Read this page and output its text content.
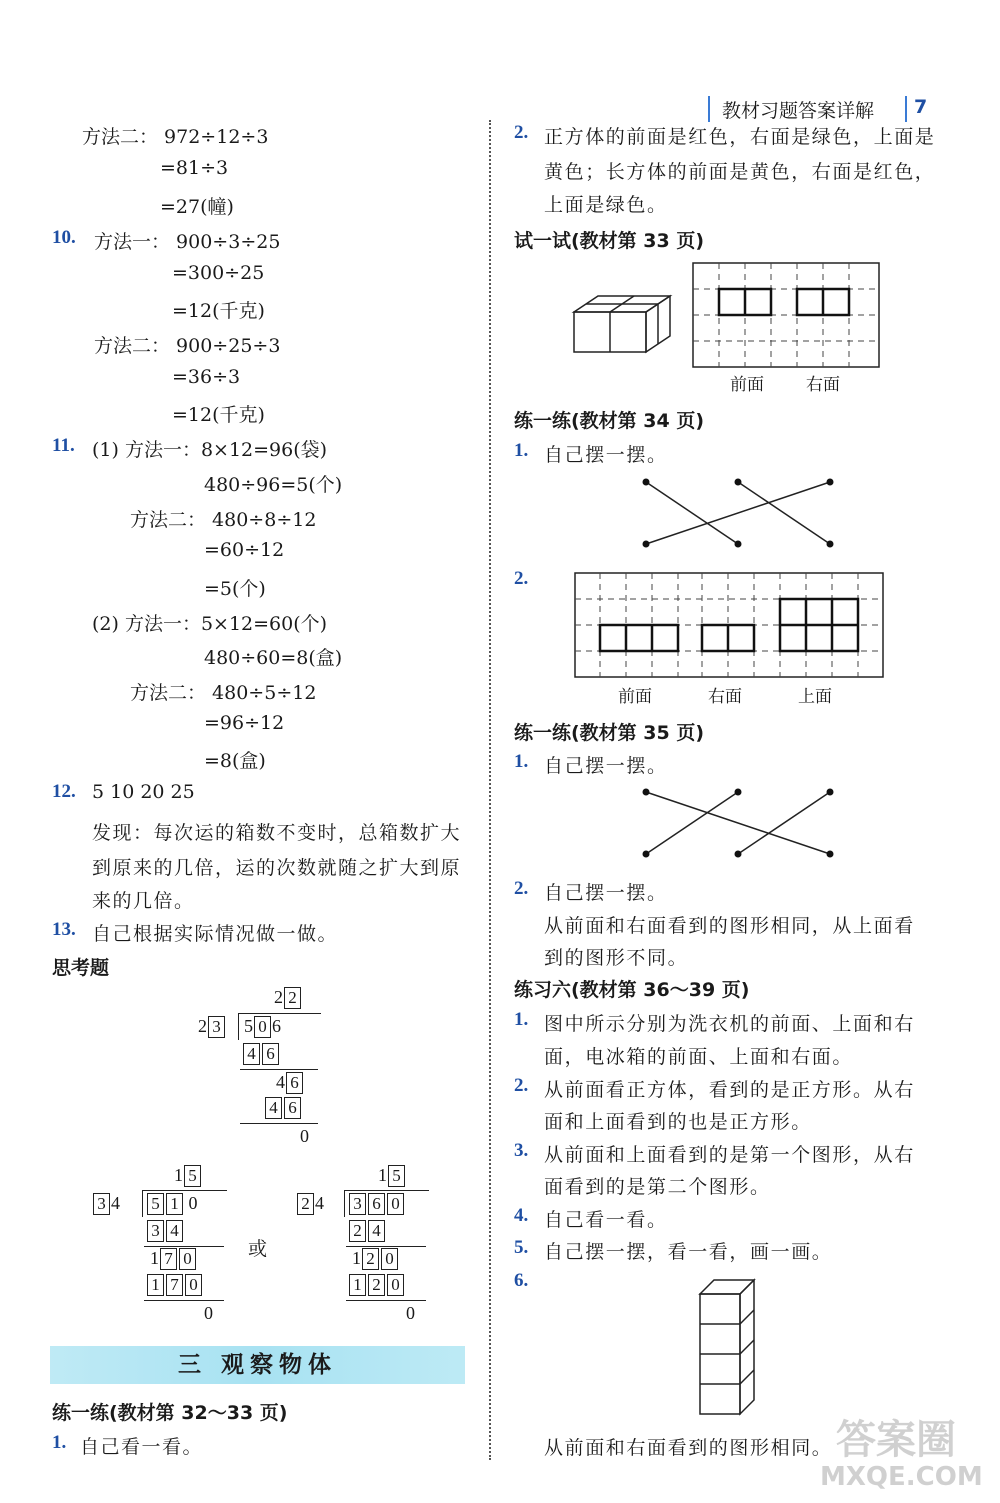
教材习题答案详解 7
方法二： 972÷12÷3
=81÷3
=27(幢)
10. 方法一： 900÷3÷25
=300÷25
=12(千克)
方法二： 900÷25÷3
=36÷3
=12(千克)
11. (1) 方法一：8×12=96(袋)
480÷96=5(个)
方法二： 480÷8÷12
=60÷12
=5(个)
(2) 方法一：5×12=60(个)
480÷60=8(盒)
方法二： 480÷5÷12
=96÷12
=8(盒)
12. 5 10 20 25
发现：每次运的箱数不变时，总箱数扩大
到原来的几倍，运的次数就随之扩大到原
来的几倍。
13. 自己根据实际情况做一做。
思考题
2 2
2 3 5 0 6
4 6
4 6
4 6
0
1 5
3 4	5 1 0
3 4
1 7 0
1 7 0
0
或
1 5
2 4	3 6 0
2 4
1 2 0
1 2 0
0
三 观察物体
练一练(教材第 32～33 页)
1. 自己看一看。
2. 正方体的前面是红色，右面是绿色，上面是
黄色；长方体的前面是黄色，右面是红色，
上面是绿色。
试一试(教材第 33 页)
前面 右面
练一练(教材第 34 页)
1. 自己摆一摆。
2.
前面	右面	上面
练一练(教材第 35 页)
1. 自己摆一摆。
2. 自己摆一摆。
从前面和右面看到的图形相同，从上面看
到的图形不同。
练习六(教材第 36～39 页)
1. 图中所示分别为洗衣机的前面、上面和右
面，电冰箱的前面、上面和右面。
2. 从前面看正方体，看到的是正方形。从右
面和上面看到的也是正方形。
3. 从前面和上面看到的是第一个图形，从右
面看到的是第二个图形。
4. 自己看一看。
5. 自己摆一摆，看一看，画一画。
6.
从前面和右面看到的图形相同。 答案圈
MXQE.COM
